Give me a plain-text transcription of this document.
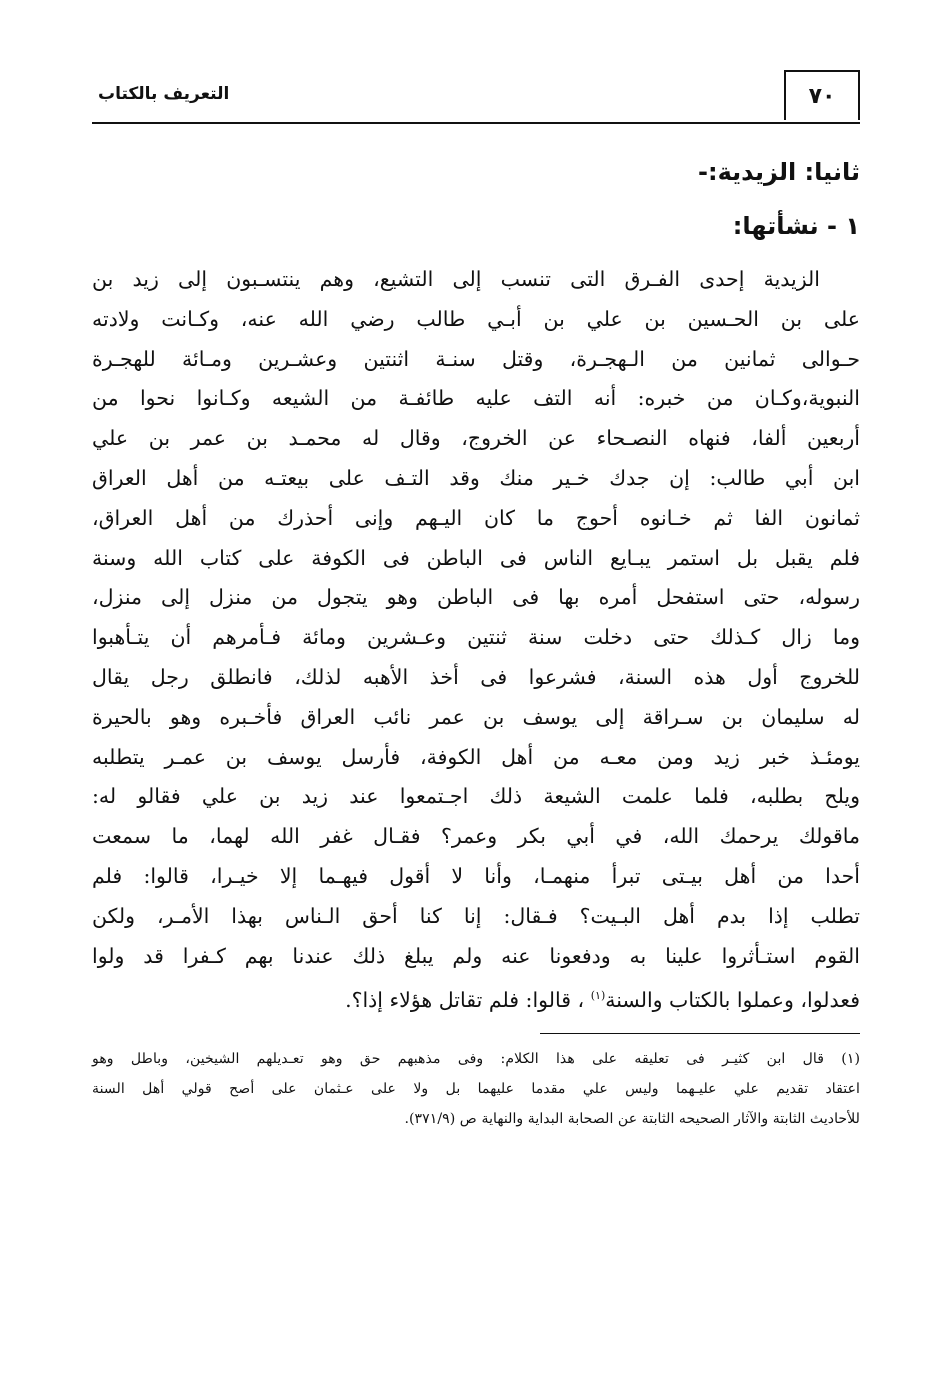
٧٠
التعريف بالكتاب
ثانيا: الزيدية:-
١ - نشأتها:
الزيدية إحدى الفـرق التى تنسب إلى التشيع، وهم ينتسـبون إلى زيد بن
على بن الحـسين بن علي بن أبـي طالب رضي الله عنه، وكـانت ولادته
حـوالى ثمانين من الـهجـرة، وقتل سنـة اثنتين وعشـرين ومـائة للهجـرة
النبوية،وكـان من خبره: أنه التف عليه طائفـة من الشيعه وكـانوا نحوا من
أربعين ألفا، فنهاه النصـحاء عن الخروج، وقال له محمـد بن عمر بن علي
ابن أبي طالب: إن جدك خـير منك وقد التـف على بيعتـه من أهل العراق
ثمانون الفا ثم خـانوه أحوج ما كان اليـهم وإنى أحذرك من أهل العراق،
فلم يقبل بل استمر يبـايع الناس فى الباطن فى الكوفة على كتاب الله وسنة
رسوله، حتى استفحل أمره بها فى الباطن وهو يتجول من منزل إلى منزل،
وما زال كـذلك حتى دخلت سنة ثنتين وعـشرين ومائة فـأمرهم أن يتـأهبوا
للخروج أول هذه السنة، فشرعوا فى أخذ الأهبه لذلك، فانطلق رجل يقال
له سليمان بن سـراقة إلى يوسف بن عمر نائب العراق فأخـبره وهو بالحيرة
يومئـذ خبر زيد ومن معـه من أهل الكوفة، فأرسل يوسف بن عمـر يتطلبه
ويلح بطلبه، فلما علمت الشيعة ذلك اجـتمعوا عند زيد بن علي فقالو له:
ماقولك يرحمك الله، في أبي بكر وعمر؟ فقـال غفر الله لهما، ما سمعت
أحدا من أهل بيـتى تبرأ منهمـا، وأنا لا أقول فيهـما إلا خيـرا، قالوا: فلم
تطلب إذا بدم أهل البـيت؟ فـقال: إنا كنا أحق الـناس بهذا الأمـر، ولكن
القوم استـأثروا علينا به ودفعونا عنه ولم يبلغ ذلك عندنا بهم كـفرا قد ولوا
فعدلوا، وعملوا بالكتاب والسنة$^{(١)}$ ، قالوا: فلم تقاتل هؤلاء إذا؟.
(١) قال ابن كثيـر فى تعليقه على هذا الكلام: وفى مذهبهم حق وهو تعـديلهم الشيخين، وباطل وهو
اعتقاد تقديم علي عليـهما وليس علي مقدما عليهما بل ولا على عـثمان على أصح قولي أهل السنة
للأحاديث الثابتة والآثار الصحيحه الثابتة عن الصحابة البداية والنهاية ص (٣٧١/٩).
